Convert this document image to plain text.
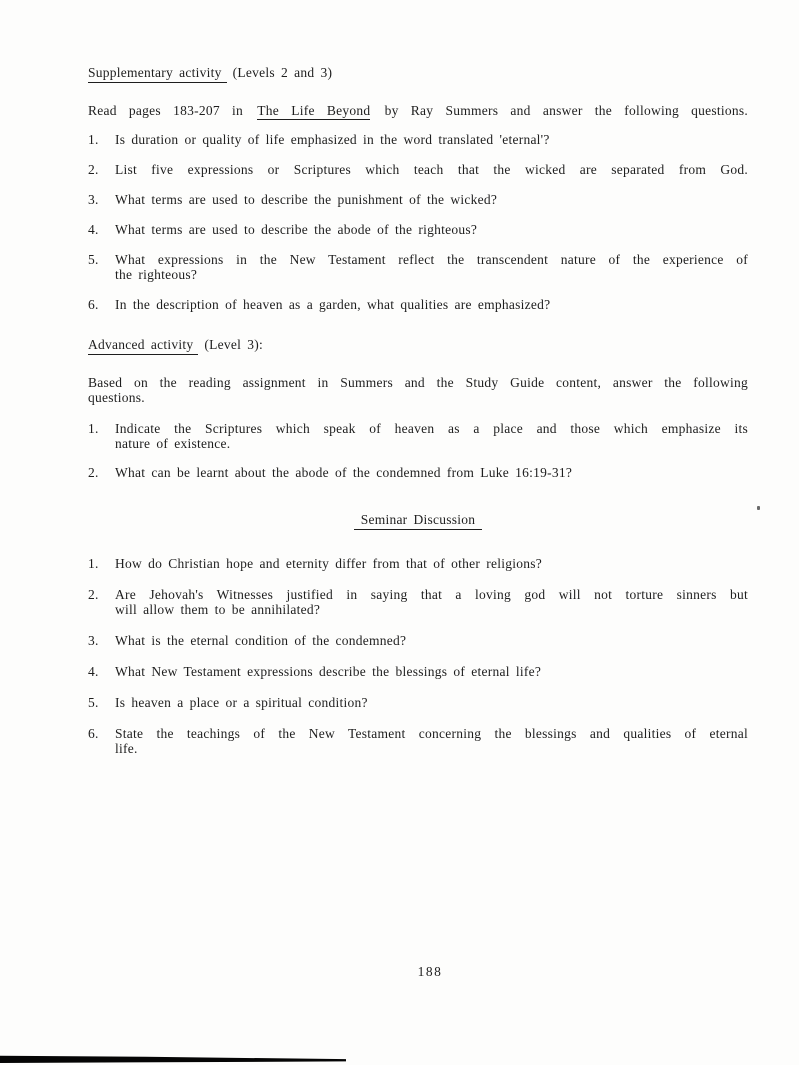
Supplementary activity (Levels 2 and 3)
Read pages 183-207 in The Life Beyond by Ray Summers and answer the following questions.
1.	Is duration or quality of life emphasized in the word translated 'eternal'?
2.	List five expressions or Scriptures which teach that the wicked are separated from God.
3.	What terms are used to describe the punishment of the wicked?
4.	What terms are used to describe the abode of the righteous?
5.	What expressions in the New Testament reflect the transcendent nature of the experience of
the righteous?
6.	In the description of heaven as a garden, what qualities are emphasized?
Advanced activity (Level 3):
Based on the reading assignment in Summers and the Study Guide content, answer the following
questions.
1.	Indicate the Scriptures which speak of heaven as a place and those which emphasize its
nature of existence.
2.	What can be learnt about the abode of the condemned from Luke 16:19-31?
Seminar Discussion
1.	How do Christian hope and eternity differ from that of other religions?
2.	Are Jehovah's Witnesses justified in saying that a loving god will not torture sinners but
will allow them to be annihilated?
3.	What is the eternal condition of the condemned?
4.	What New Testament expressions describe the blessings of eternal life?
5.	Is heaven a place or a spiritual condition?
6.	State the teachings of the New Testament concerning the blessings and qualities of eternal
life.
188
